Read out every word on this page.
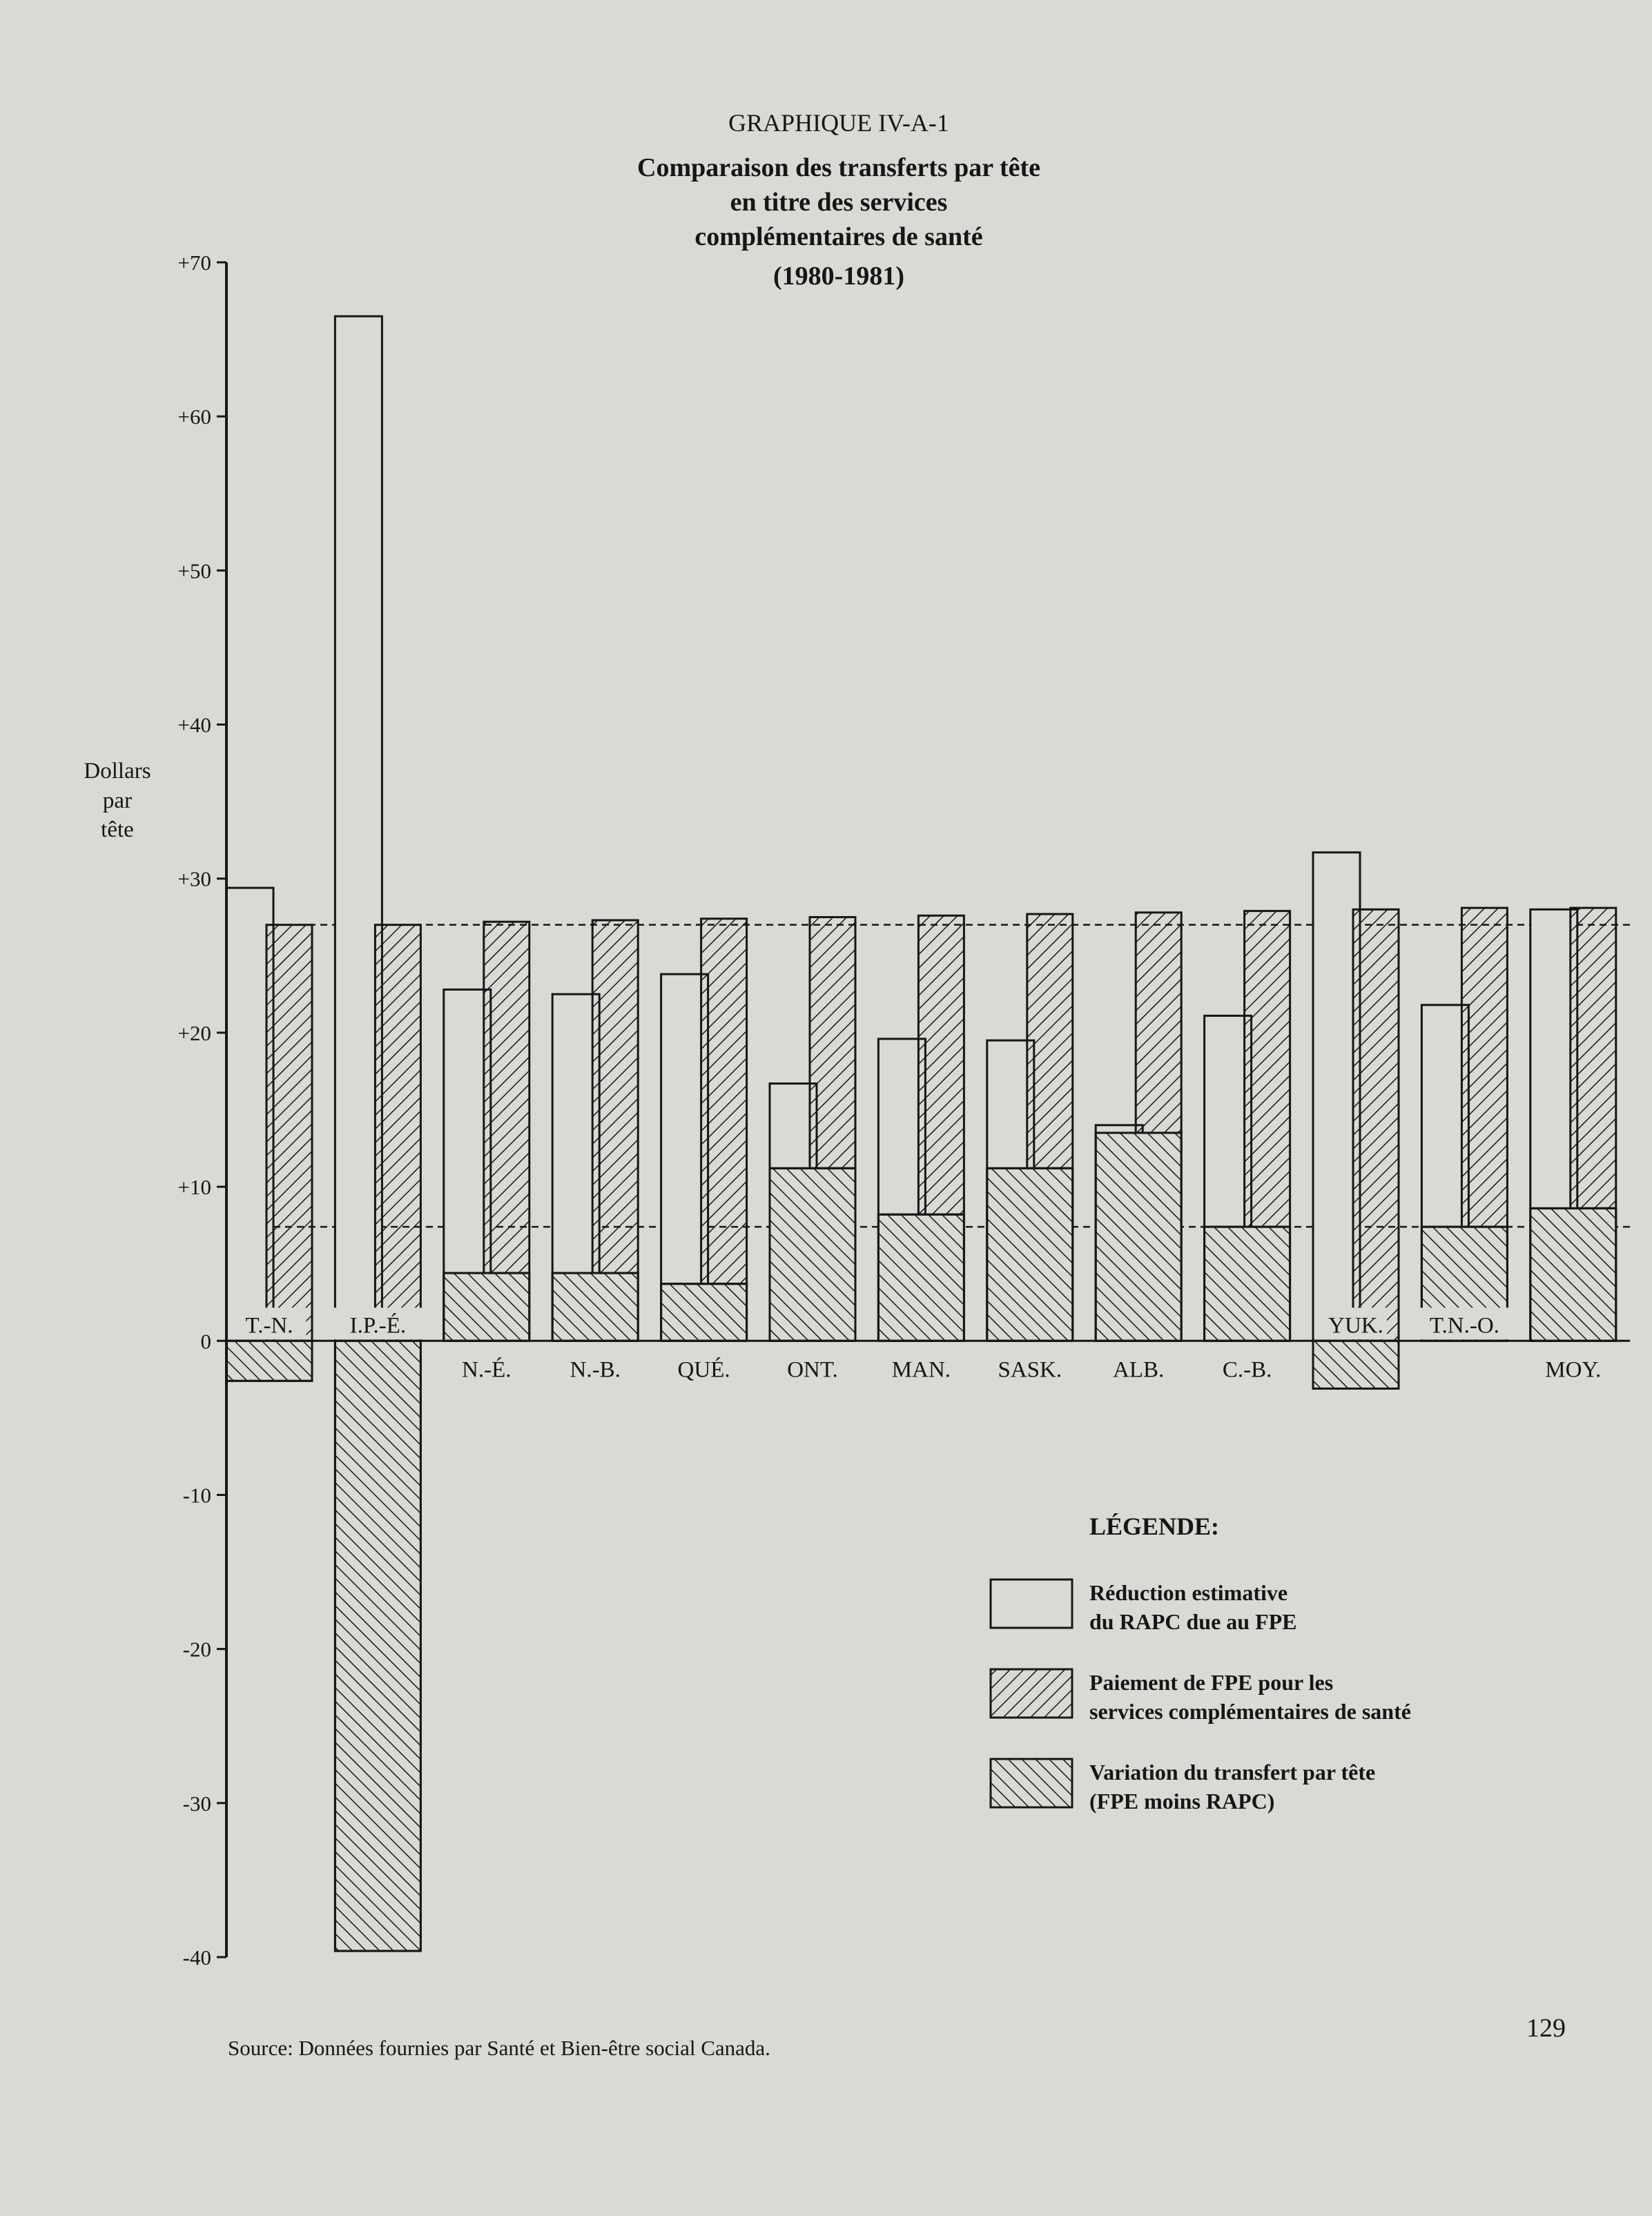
GRAPHIQUE IV-A-1
Comparaison des transferts par tête
en titre des services
complémentaires de santé
(1980-1981)
Dollars
par
tête
T.-N. I.P.-É.
N.-É.	N.-B.	QUÉ.	ONT. MAN. SASK. ALB.	C.-B.
YUK. T.N.-O.
MOY.
+70
+60
+50
+40
+30
+20
+10
0
-10
-20
-30
-40
LÉGENDE:
Réduction estimative
du RAPC due au FPE
Paiement de FPE pour les
services complémentaires de santé
Variation du transfert par tête
(FPE moins RAPC)
Source: Données fournies par Santé et Bien-être social Canada.
129
